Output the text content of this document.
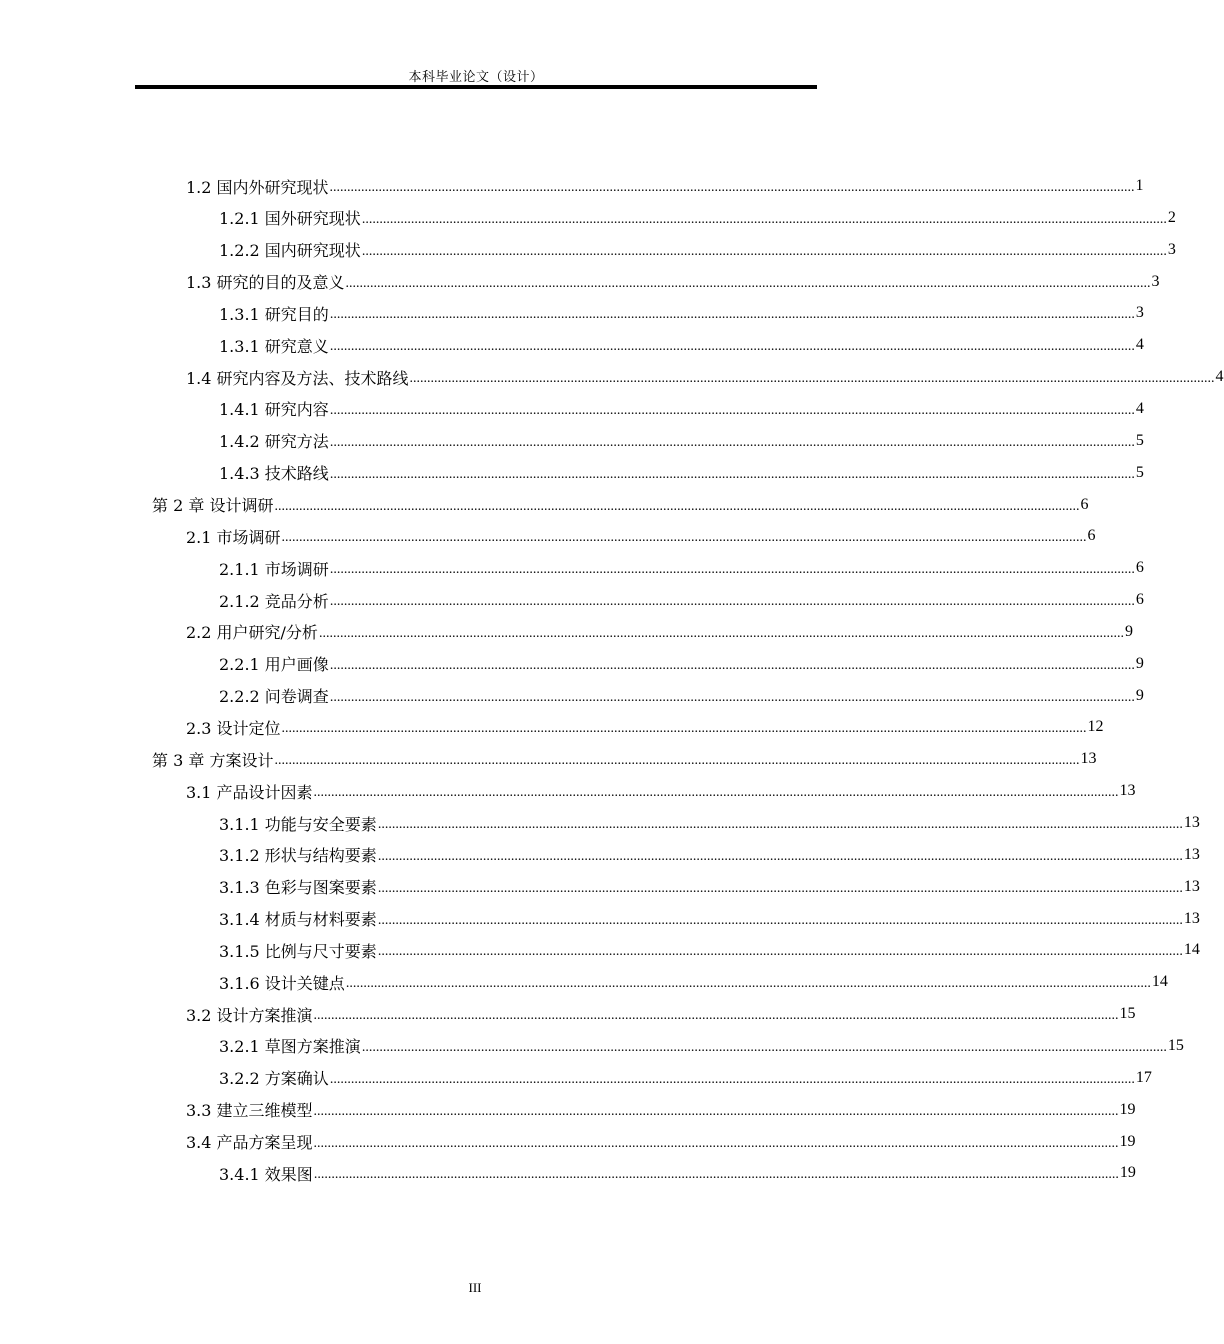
本科毕业论文（设计）
1.2 国内外研究现状 ...................................................................................................................................................................................................................................... 1
1.2.1 国外研究现状 ...................................................................................................................................................................................................................................... 2
1.2.2 国内研究现状 ...................................................................................................................................................................................................................................... 3
1.3 研究的目的及意义 ...................................................................................................................................................................................................................................... 3
1.3.1 研究目的 ...................................................................................................................................................................................................................................... 3
1.3.1 研究意义 ...................................................................................................................................................................................................................................... 4
1.4 研究内容及方法、技术路线 ...................................................................................................................................................................................................................................... 4
1.4.1 研究内容 ...................................................................................................................................................................................................................................... 4
1.4.2 研究方法 ...................................................................................................................................................................................................................................... 5
1.4.3 技术路线 ...................................................................................................................................................................................................................................... 5
第 2 章 设计调研 ...................................................................................................................................................................................................................................... 6
2.1 市场调研 ...................................................................................................................................................................................................................................... 6
2.1.1 市场调研 ...................................................................................................................................................................................................................................... 6
2.1.2 竞品分析 ...................................................................................................................................................................................................................................... 6
2.2 用户研究/分析 ...................................................................................................................................................................................................................................... 9
2.2.1 用户画像 ...................................................................................................................................................................................................................................... 9
2.2.2 问卷调查 ...................................................................................................................................................................................................................................... 9
2.3 设计定位 ...................................................................................................................................................................................................................................... 12
第 3 章 方案设计 ...................................................................................................................................................................................................................................... 13
3.1 产品设计因素 ...................................................................................................................................................................................................................................... 13
3.1.1 功能与安全要素 ...................................................................................................................................................................................................................................... 13
3.1.2 形状与结构要素 ...................................................................................................................................................................................................................................... 13
3.1.3 色彩与图案要素 ...................................................................................................................................................................................................................................... 13
3.1.4 材质与材料要素 ...................................................................................................................................................................................................................................... 13
3.1.5 比例与尺寸要素 ...................................................................................................................................................................................................................................... 14
3.1.6 设计关键点 ...................................................................................................................................................................................................................................... 14
3.2 设计方案推演 ...................................................................................................................................................................................................................................... 15
3.2.1 草图方案推演 ...................................................................................................................................................................................................................................... 15
3.2.2 方案确认 ...................................................................................................................................................................................................................................... 17
3.3 建立三维模型 ...................................................................................................................................................................................................................................... 19
3.4 产品方案呈现 ...................................................................................................................................................................................................................................... 19
3.4.1 效果图 ...................................................................................................................................................................................................................................... 19
III
